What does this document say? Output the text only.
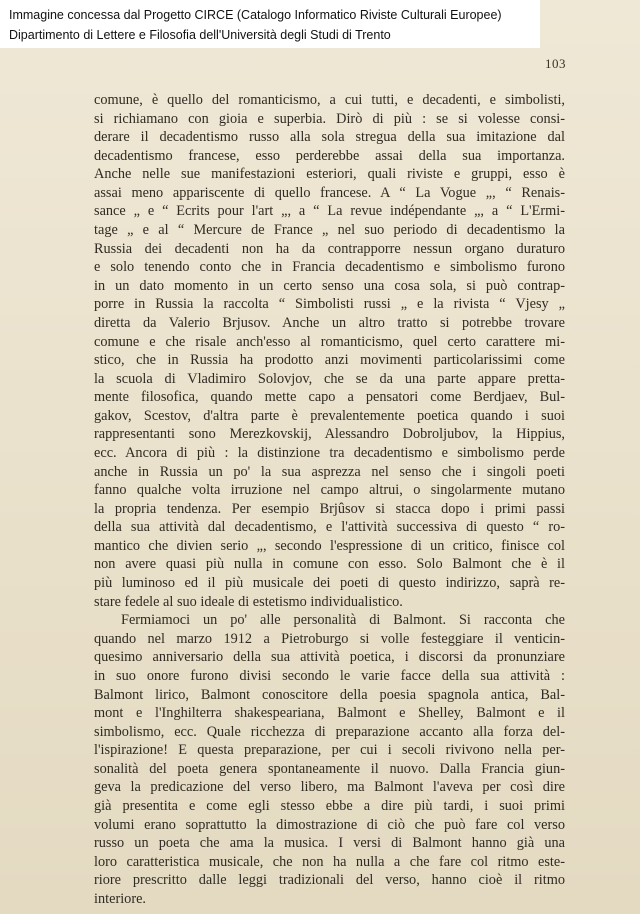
Immagine concessa dal Progetto CIRCE (Catalogo Informatico Riviste Culturali Europee)
Dipartimento di Lettere e Filosofia dell'Università degli Studi di Trento
103
comune, è quello del romanticismo, a cui tutti, e decadenti, e simbolisti,
si richiamano con gioia e superbia. Dirò di più : se si volesse consi-
derare il decadentismo russo alla sola stregua della sua imitazione dal
decadentismo francese, esso perderebbe assai della sua importanza.
Anche nelle sue manifestazioni esteriori, quali riviste e gruppi, esso è
assai meno appariscente di quello francese. A “ La Vogue „, “ Renais-
sance „ e “ Ecrits pour l'art „, a “ La revue indépendante „, a “ L'Ermi-
tage „ e al “ Mercure de France „ nel suo periodo di decadentismo la
Russia dei decadenti non ha da contrapporre nessun organo duraturo
e solo tenendo conto che in Francia decadentismo e simbolismo furono
in un dato momento in un certo senso una cosa sola, si può contrap-
porre in Russia la raccolta “ Simbolisti russi „ e la rivista “ Vjesy „
diretta da Valerio Brjusov. Anche un altro tratto si potrebbe trovare
comune e che risale anch'esso al romanticismo, quel certo carattere mi-
stico, che in Russia ha prodotto anzi movimenti particolarissimi come
la scuola di Vladimiro Solovjov, che se da una parte appare pretta-
mente filosofica, quando mette capo a pensatori come Berdjaev, Bul-
gakov, Scestov, d'altra parte è prevalentemente poetica quando i suoi
rappresentanti sono Merezkovskij, Alessandro Dobroljubov, la Hippius,
ecc. Ancora di più : la distinzione tra decadentismo e simbolismo perde
anche in Russia un po' la sua asprezza nel senso che i singoli poeti
fanno qualche volta irruzione nel campo altrui, o singolarmente mutano
la propria tendenza. Per esempio Brjûsov si stacca dopo i primi passi
della sua attività dal decadentismo, e l'attività successiva di questo “ ro-
mantico che divien serio „, secondo l'espressione di un critico, finisce col
non avere quasi più nulla in comune con esso. Solo Balmont che è il
più luminoso ed il più musicale dei poeti di questo indirizzo, saprà re-
stare fedele al suo ideale di estetismo individualistico.
Fermiamoci un po' alle personalità di Balmont. Si racconta che
quando nel marzo 1912 a Pietroburgo si volle festeggiare il venticin-
quesimo anniversario della sua attività poetica, i discorsi da pronunziare
in suo onore furono divisi secondo le varie facce della sua attività :
Balmont lirico, Balmont conoscitore della poesia spagnola antica, Bal-
mont e l'Inghilterra shakespeariana, Balmont e Shelley, Balmont e il
simbolismo, ecc. Quale ricchezza di preparazione accanto alla forza del-
l'ispirazione! E questa preparazione, per cui i secoli rivivono nella per-
sonalità del poeta genera spontaneamente il nuovo. Dalla Francia giun-
geva la predicazione del verso libero, ma Balmont l'aveva per così dire
già presentita e come egli stesso ebbe a dire più tardi, i suoi primi
volumi erano soprattutto la dimostrazione di ciò che può fare col verso
russo un poeta che ama la musica. I versi di Balmont hanno già una
loro caratteristica musicale, che non ha nulla a che fare col ritmo este-
riore prescritto dalle leggi tradizionali del verso, hanno cioè il ritmo
interiore.
